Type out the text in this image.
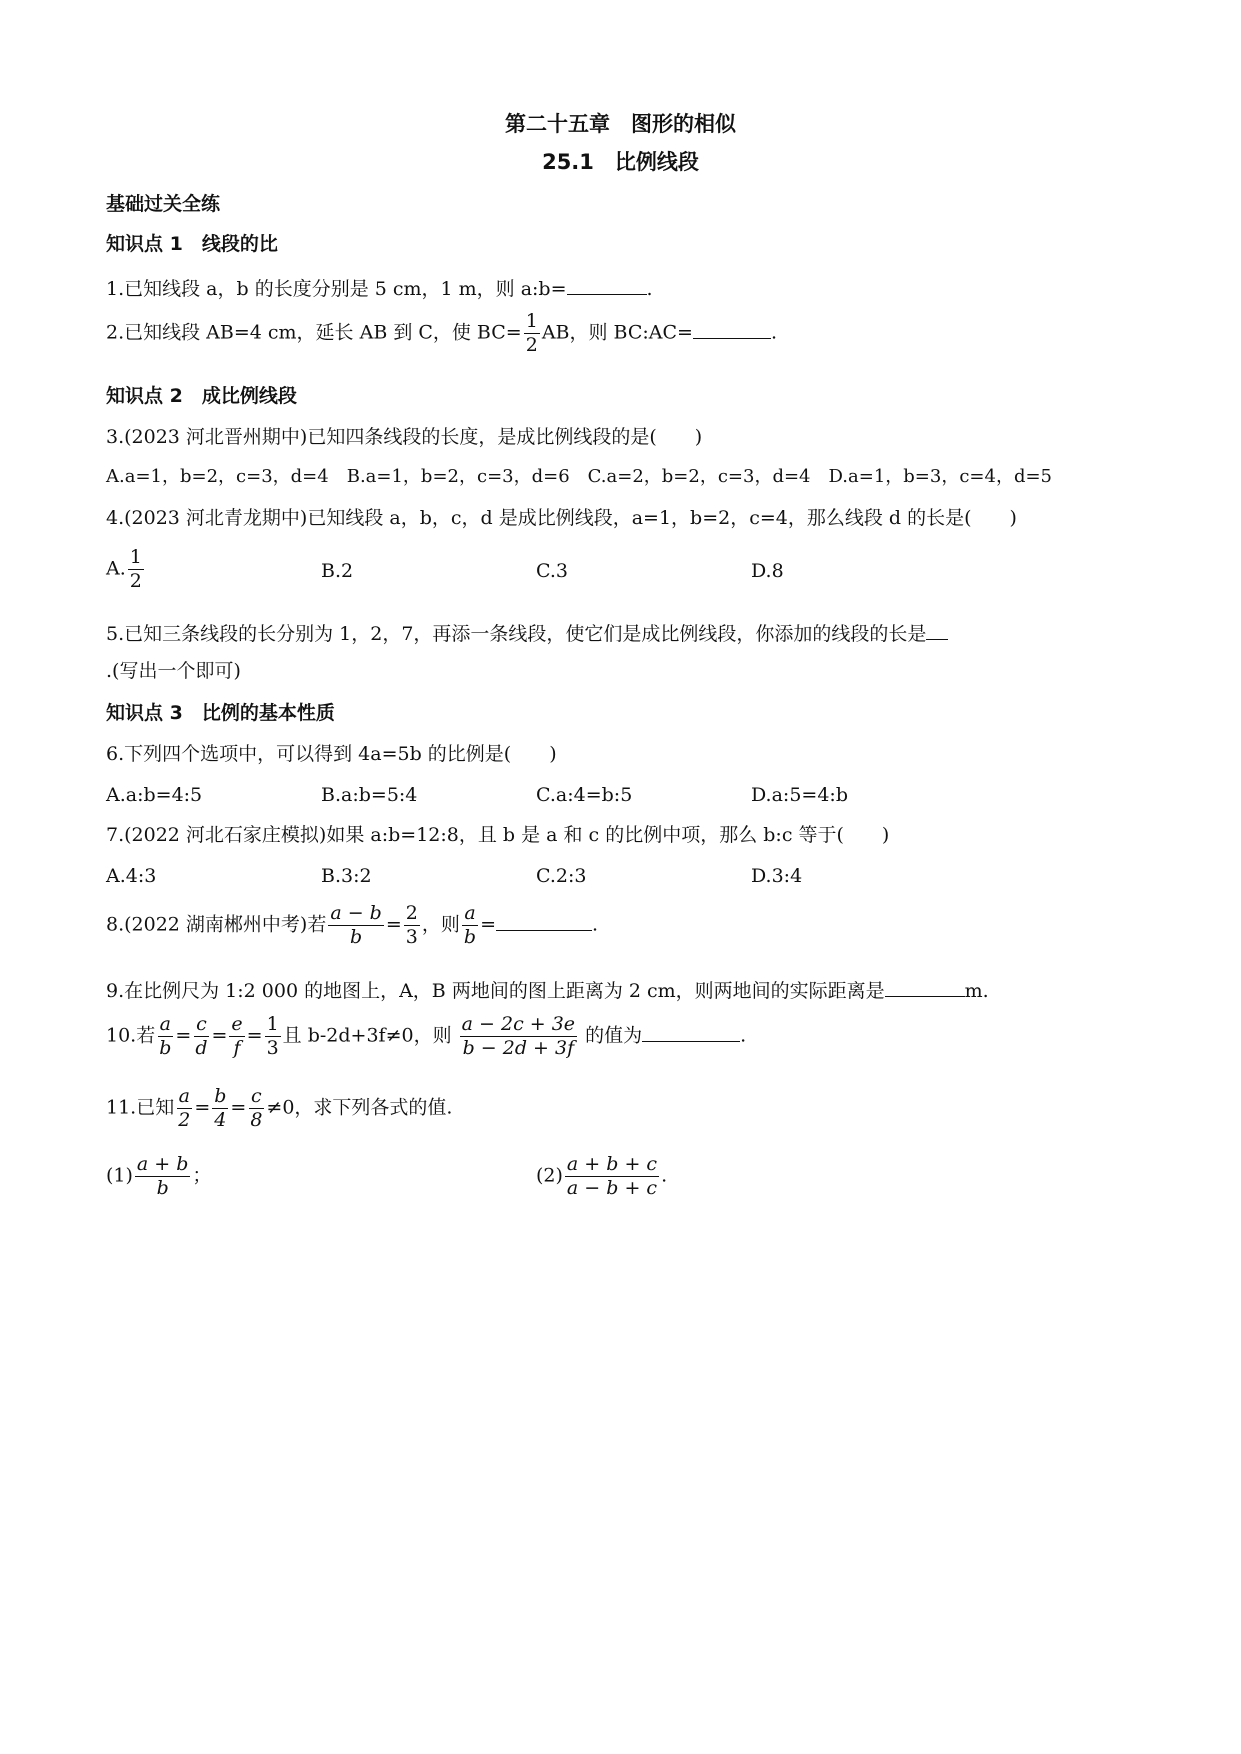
第二十五章　图形的相似
25.1　比例线段
基础过关全练
知识点 1　线段的比
1.已知线段 a，b 的长度分别是 5 cm，1 m，则 a:b=	.
2.已知线段 AB=4 cm，延长 AB 到 C，使 $BC= \frac{1}{2}$ AB，则 BC:AC=	.
知识点 2　成比例线段
3.(2023 河北晋州期中)已知四条线段的长度，是成比例线段的是(　　)
A.a=1，b=2，c=3，d=4　B.a=1，b=2，c=3，d=6　C.a=2，b=2，c=3，d=4　D.a=1，b=3，c=4，d=5
4.(2023 河北青龙期中)已知线段 a，b，c，d 是成比例线段，a=1，b=2，c=4，那么线段 d 的长是(　　)
A. $\frac{1}{2}$	B.2	C.3	D.8
5.已知三条线段的长分别为 1，2，7，再添一条线段，使它们是成比例线段，你添加的线段的长是
.(写出一个即可)
知识点 3　比例的基本性质
6.下列四个选项中，可以得到 4a=5b 的比例是(　　)
A.a:b=4:5	B.a:b=5:4	C.a:4=b:5	D.a:5=4:b
7.(2022 河北石家庄模拟)如果 a:b=12:8，且 b 是 a 和 c 的比例中项，那么 b:c 等于(　　)
A.4:3	B.3:2	C.2:3	D.3:4
8.(2022 湖南郴州中考)若 $\frac{a - b}{b} = \frac{2}{3}$ ，则 $\frac{a}{b}$ =	.
9.在比例尺为 1:2 000 的地图上，A，B 两地间的图上距离为 2 cm，则两地间的实际距离是	m.
10.若 $\frac{a}{b} = \frac{c}{d} = \frac{e}{f} = \frac{1}{3}$ 且 b-2d+3f≠0，则 $\frac{a - 2c + 3e}{b - 2d + 3f}$ 的值为	.
11.已知 $\frac{a}{2} = \frac{b}{4} = \frac{c}{8} \ne 0$，求下列各式的值.
$(1) \frac{a + b}{b}$ ；	$(2) \frac{a + b + c}{a - b + c}$ .
